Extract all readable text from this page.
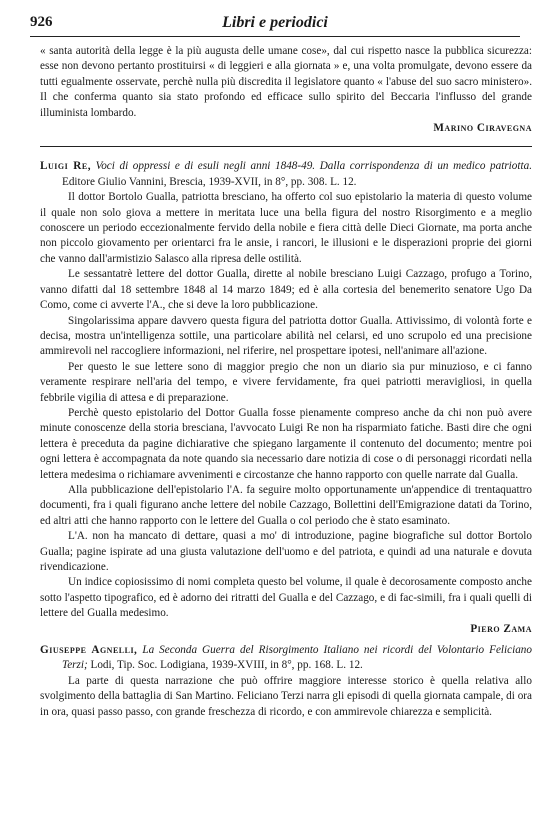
926	Libri e periodici

« santa autorità della legge è la più augusta delle umane cose», dal cui rispetto nasce la pubblica sicurezza: esse non devono pertanto prostituirsi « di leggieri e alla giornata » e, una volta promulgate, devono essere da tutti egualmente osservate, perchè nulla più discredita il legislatore quanto « l'abuse del suo sacro ministero». Il che conferma quanto sia stato profondo ed efficace sullo spirito del Beccaria l'influsso del grande illuminista lombardo.

Marino Ciravegna

Luigi Re, Voci di oppressi e di esuli negli anni 1848-49. Dalla corrispondenza di un medico patriotta. Editore Giulio Vannini, Brescia, 1939-XVII, in 8°, pp. 308. L. 12.

Il dottor Bortolo Gualla, patriotta bresciano, ha offerto col suo epistolario la materia di questo volume il quale non solo giova a mettere in meritata luce una bella figura del nostro Risorgimento e a meglio conoscere un periodo eccezionalmente fervido della nobile e fiera città delle Dieci Giornate, ma porta anche non piccolo giovamento per orientarci fra le ansie, i rancori, le illusioni e le disperazioni proprie dei giorni che vanno dall'armistizio Salasco alla ripresa delle ostilità.

Le sessantatrè lettere del dottor Gualla, dirette al nobile bresciano Luigi Cazzago, profugo a Torino, vanno difatti dal 18 settembre 1848 al 14 marzo 1849; ed è alla cortesia del benemerito senatore Ugo Da Como, come ci avverte l'A., che si deve la loro pubblicazione.

Singolarissima appare davvero questa figura del patriotta dottor Gualla. Attivissimo, di volontà forte e decisa, mostra un'intelligenza sottile, una particolare abilità nel celarsi, ed uno scrupolo ed una precisione ammirevoli nel raccogliere informazioni, nel riferire, nel prospettare ipotesi, nell'animare all'azione.

Per questo le sue lettere sono di maggior pregio che non un diario sia pur minuzioso, e ci fanno veramente respirare nell'aria del tempo, e vivere fervidamente, fra quei patriotti meravigliosi, in quella febbrile vigilia di attesa e di preparazione.

Perchè questo epistolario del Dottor Gualla fosse pienamente compreso anche da chi non può avere minute conoscenze della storia bresciana, l'avvocato Luigi Re non ha risparmiato fatiche. Basti dire che ogni lettera è preceduta da pagine dichiarative che spiegano largamente il contenuto del documento; mentre poi ogni lettera è accompagnata da note quando sia necessario dare notizia di cose o di personaggi ricordati nella lettera medesima o richiamare avvenimenti e circostanze che hanno rapporto con quelle narrate dal Gualla.

Alla pubblicazione dell'epistolario l'A. fa seguire molto opportunamente un'appendice di trentaquattro documenti, fra i quali figurano anche lettere del nobile Cazzago, Bollettini dell'Emigrazione datati da Torino, ed altri atti che hanno rapporto con le lettere del Gualla o col periodo che è stato esaminato.

L'A. non ha mancato di dettare, quasi a mo' di introduzione, pagine biografiche sul dottor Bortolo Gualla; pagine ispirate ad una giusta valutazione dell'uomo e del patriota, e quindi ad una naturale e dovuta rivendicazione.

Un indice copiosissimo di nomi completa questo bel volume, il quale è decorosamente composto anche sotto l'aspetto tipografico, ed è adorno dei ritratti del Gualla e del Cazzago, e di fac-simili, fra i quali quelli di lettere del Gualla medesimo.

Piero Zama

Giuseppe Agnelli, La Seconda Guerra del Risorgimento Italiano nei ricordi del Volontario Feliciano Terzi; Lodi, Tip. Soc. Lodigiana, 1939-XVIII, in 8°, pp. 168. L. 12.

La parte di questa narrazione che può offrire maggiore interesse storico è quella relativa allo svolgimento della battaglia di San Martino. Feliciano Terzi narra gli episodi di quella giornata campale, di ora in ora, quasi passo passo, con grande freschezza di ricordo, e con ammirevole chiarezza e semplicità.
